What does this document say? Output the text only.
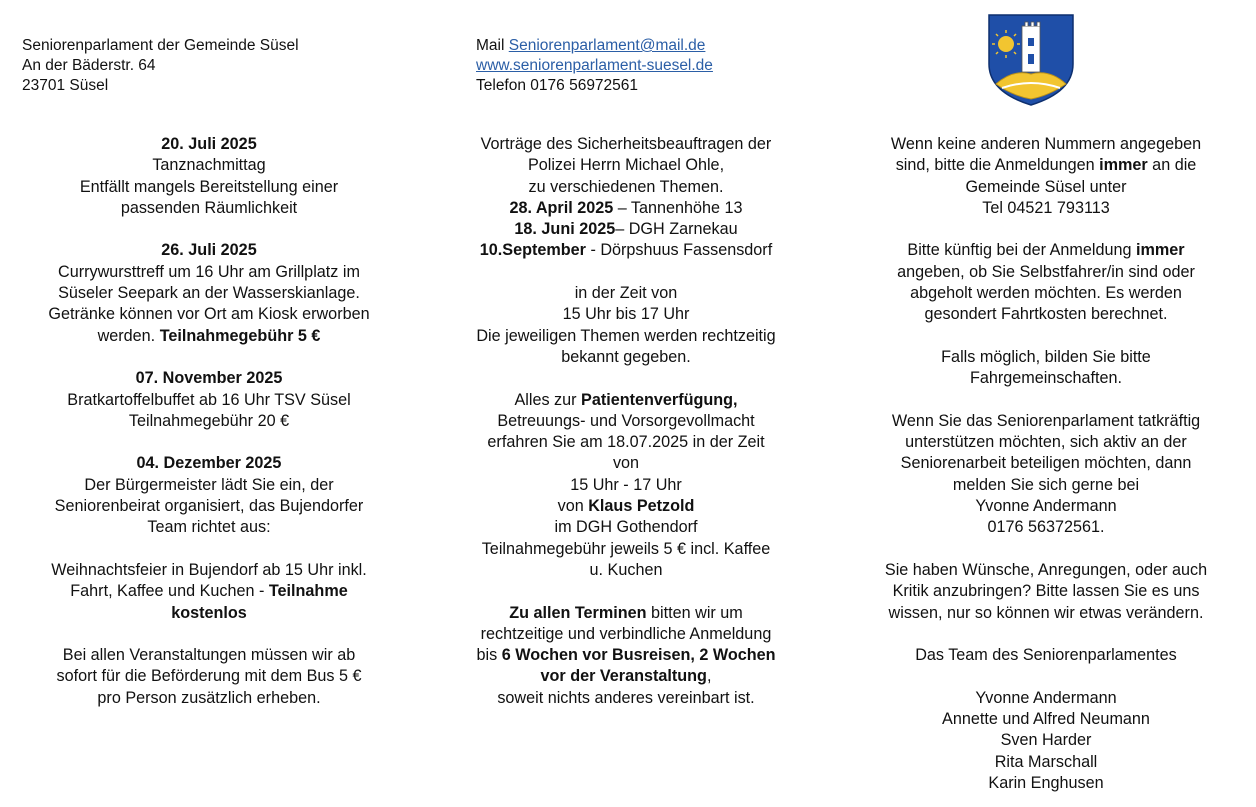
Seniorenparlament der Gemeinde Süsel
An der Bäderstr. 64
23701 Süsel
Mail Seniorenparlament@mail.de
www.seniorenparlament-suesel.de
Telefon 0176 56972561

20. Juli 2025

Tanznachmittag

Entfällt mangels Bereitstellung einer

passenden Räumlichkeit

26. Juli 2025

Currywursttreff um 16 Uhr am Grillplatz im

Süseler Seepark an der Wasserskianlage.

Getränke können vor Ort am Kiosk erworben

werden. Teilnahmegebühr 5 €

07. November 2025

Bratkartoffelbuffet ab 16 Uhr TSV Süsel

Teilnahmegebühr 20 €

04. Dezember 2025

Der Bürgermeister lädt Sie ein, der

Seniorenbeirat organisiert, das Bujendorfer

Team richtet aus:

Weihnachtsfeier in Bujendorf ab 15 Uhr inkl.

Fahrt, Kaffee und Kuchen - Teilnahme

kostenlos

Bei allen Veranstaltungen müssen wir ab

sofort für die Beförderung mit dem Bus 5 €

pro Person zusätzlich erheben.

Vorträge des Sicherheitsbeauftragen der

Polizei Herrn Michael Ohle,

zu verschiedenen Themen.

28. April 2025 – Tannenhöhe 13

18. Juni 2025– DGH Zarnekau

10.September - Dörpshuus Fassensdorf

in der Zeit von

15 Uhr bis 17 Uhr

Die jeweiligen Themen werden rechtzeitig

bekannt gegeben.

Alles zur Patientenverfügung,

Betreuungs- und Vorsorgevollmacht

erfahren Sie am 18.07.2025 in der Zeit

von

15 Uhr - 17 Uhr

von Klaus Petzold

im DGH Gothendorf

Teilnahmegebühr jeweils 5 € incl. Kaffee

u. Kuchen

Zu allen Terminen bitten wir um

rechtzeitige und verbindliche Anmeldung

bis 6 Wochen vor Busreisen, 2 Wochen

vor der Veranstaltung,

soweit nichts anderes vereinbart ist.

Wenn keine anderen Nummern angegeben

sind, bitte die Anmeldungen immer an die

Gemeinde Süsel unter

Tel 04521 793113

Bitte künftig bei der Anmeldung immer

angeben, ob Sie Selbstfahrer/in sind oder

abgeholt werden möchten. Es werden

gesondert Fahrtkosten berechnet.

Falls möglich, bilden Sie bitte

Fahrgemeinschaften.

Wenn Sie das Seniorenparlament tatkräftig

unterstützen möchten, sich aktiv an der

Seniorenarbeit beteiligen möchten, dann

melden Sie sich gerne bei

Yvonne Andermann

0176 56372561.

Sie haben Wünsche, Anregungen, oder auch

Kritik anzubringen? Bitte lassen Sie es uns

wissen, nur so können wir etwas verändern.

Das Team des Seniorenparlamentes

Yvonne Andermann

Annette und Alfred Neumann

Sven Harder

Rita Marschall

Karin Enghusen
